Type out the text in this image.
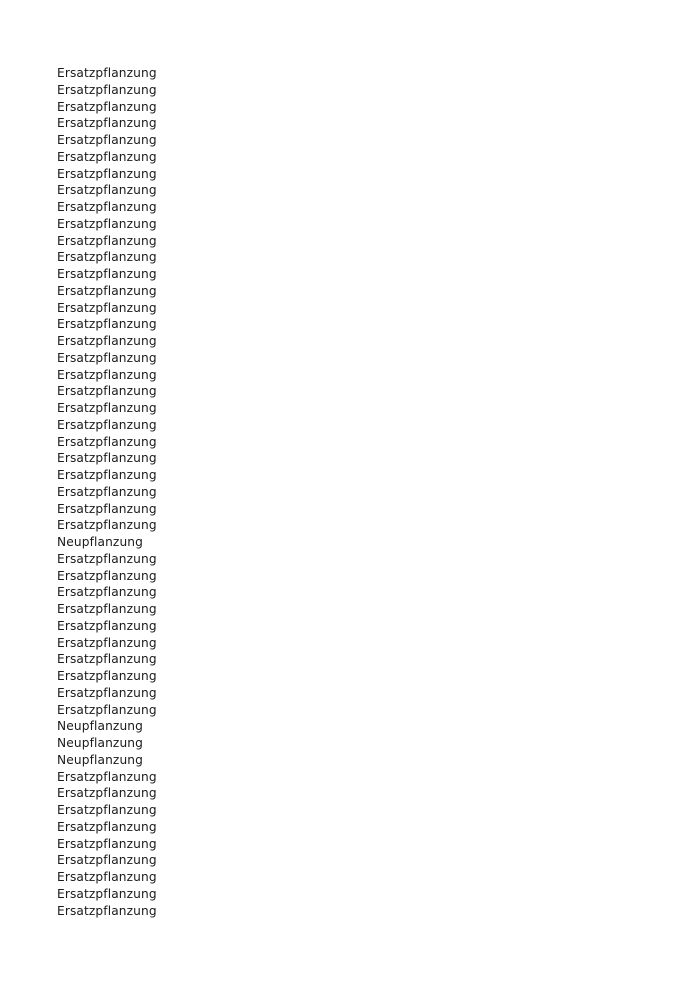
Ersatzpflanzung
Ersatzpflanzung
Ersatzpflanzung
Ersatzpflanzung
Ersatzpflanzung
Ersatzpflanzung
Ersatzpflanzung
Ersatzpflanzung
Ersatzpflanzung
Ersatzpflanzung
Ersatzpflanzung
Ersatzpflanzung
Ersatzpflanzung
Ersatzpflanzung
Ersatzpflanzung
Ersatzpflanzung
Ersatzpflanzung
Ersatzpflanzung
Ersatzpflanzung
Ersatzpflanzung
Ersatzpflanzung
Ersatzpflanzung
Ersatzpflanzung
Ersatzpflanzung
Ersatzpflanzung
Ersatzpflanzung
Ersatzpflanzung
Ersatzpflanzung
Neupflanzung
Ersatzpflanzung
Ersatzpflanzung
Ersatzpflanzung
Ersatzpflanzung
Ersatzpflanzung
Ersatzpflanzung
Ersatzpflanzung
Ersatzpflanzung
Ersatzpflanzung
Ersatzpflanzung
Neupflanzung
Neupflanzung
Neupflanzung
Ersatzpflanzung
Ersatzpflanzung
Ersatzpflanzung
Ersatzpflanzung
Ersatzpflanzung
Ersatzpflanzung
Ersatzpflanzung
Ersatzpflanzung
Ersatzpflanzung
